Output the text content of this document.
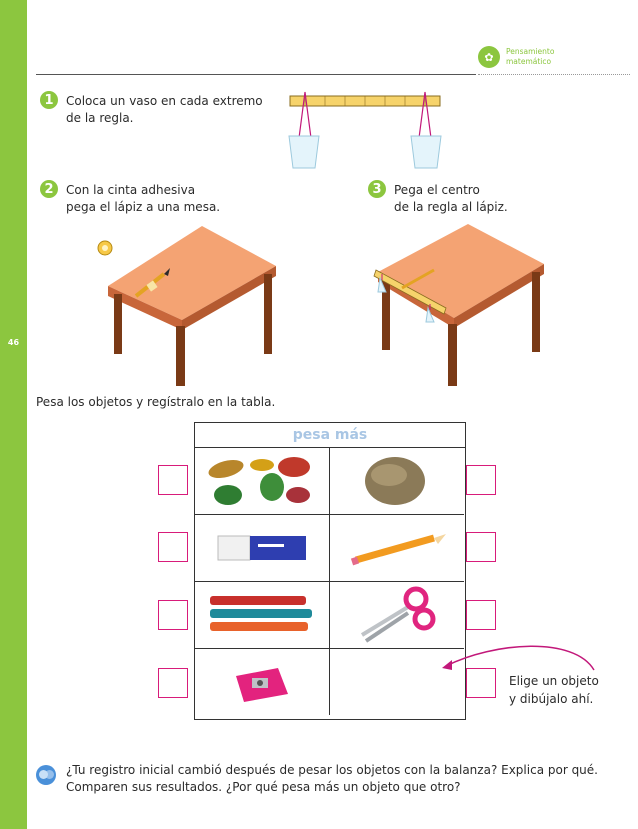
46
✿	Pensamiento matemático
1	Coloca un vaso en cada extremo
de la regla.
2	Con la cinta adhesiva
pega el lápiz a una mesa.
3	Pega el centro
de la regla al lápiz.
Pesa los objetos y regístralo en la tabla.
pesa más
Elige un objeto
y dibújalo ahí.
¿Tu registro inicial cambió después de pesar los objetos con la balanza? Explica por qué.
Comparen sus resultados. ¿Por qué pesa más un objeto que otro?
